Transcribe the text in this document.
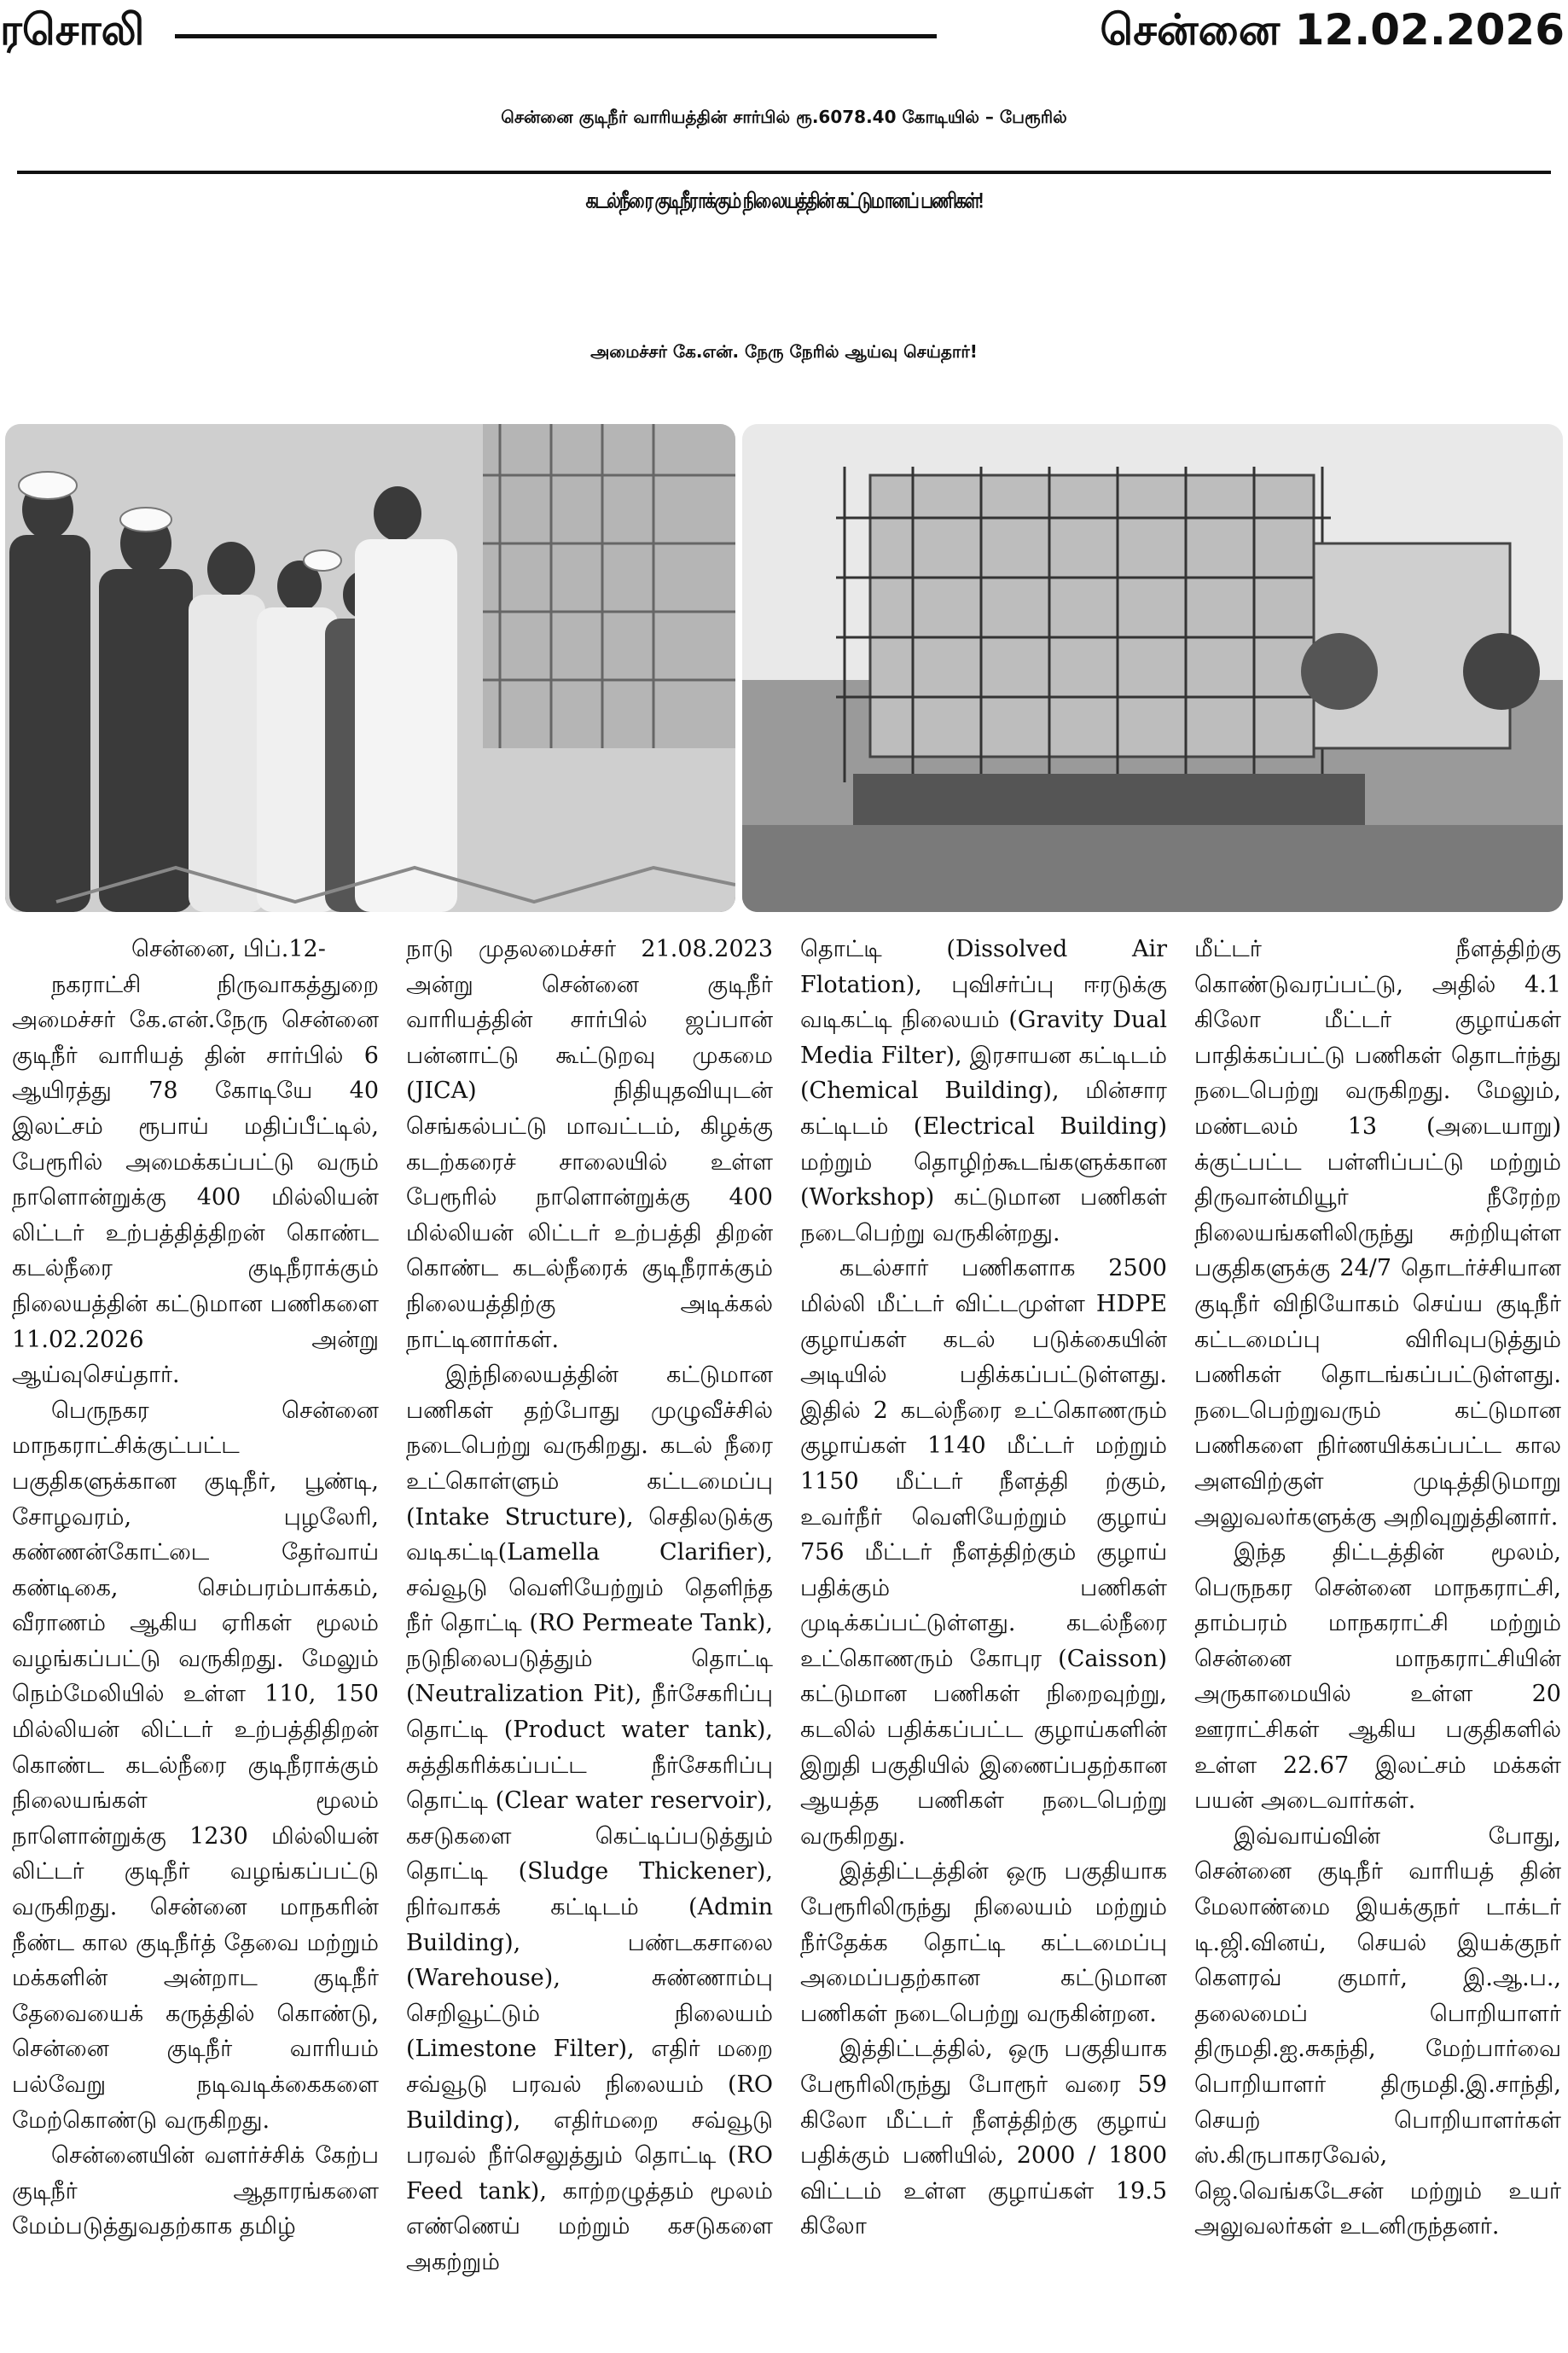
ரசொலி	சென்னை 12.02.2026
சென்னை குடிநீர் வாரியத்தின் சார்பில் ரூ.6078.40 கோடியில் – பேரூரில்
கடல்நீரை குடிநீராக்கும் நிலையத்தின் கட்டுமானப் பணிகள்!
அமைச்சர் கே.என். நேரு நேரில் ஆய்வு செய்தார்!

சென்னை, பிப்.12-

நகராட்சி நிருவாகத்துறை அமைச்சர் கே.என்.நேரு சென்னை குடிநீர் வாரியத் தின் சார்பில் 6 ஆயிரத்து 78 கோடியே 40 இலட்சம் ரூபாய் மதிப்பீட்டில், பேரூரில் அமைக்கப்பட்டு வரும் நாளொன்றுக்கு 400 மில்லியன் லிட்டர் உற்பத்தித்திறன் கொண்ட கடல்நீரை குடிநீராக்கும் நிலையத்தின் கட்டுமான பணிகளை 11.02.2026 அன்று ஆய்வுசெய்தார்.

பெருநகர சென்னை மாநகராட்சிக்குட்பட்ட பகுதிகளுக்கான குடிநீர், பூண்டி, சோழவரம், புழலேரி, கண்ணன்கோட்டை தேர்வாய் கண்டிகை, செம்பரம்பாக்கம், வீராணம் ஆகிய ஏரிகள் மூலம் வழங்கப்பட்டு வருகிறது. மேலும் நெம்மேலியில் உள்ள 110, 150 மில்லியன் லிட்டர் உற்பத்திதிறன் கொண்ட கடல்நீரை குடிநீராக்கும் நிலையங்கள் மூலம் நாளொன்றுக்கு 1230 மில்லியன் லிட்டர் குடிநீர் வழங்கப்பட்டு வருகிறது. சென்னை மாநகரின் நீண்ட கால குடிநீர்த் தேவை மற்றும் மக்களின் அன்றாட குடிநீர் தேவையைக் கருத்தில் கொண்டு, சென்னை குடிநீர் வாரியம் பல்வேறு நடிவடிக்கைகளை மேற்கொண்டு வருகிறது.

சென்னையின் வளர்ச்சிக் கேற்ப குடிநீர் ஆதாரங்களை மேம்படுத்துவதற்காக தமிழ்

நாடு முதலமைச்சர் 21.08.2023 அன்று சென்னை குடிநீர் வாரியத்தின் சார்பில் ஜப்பான் பன்னாட்டு கூட்டுறவு முகமை (JICA) நிதியுதவியுடன் செங்கல்பட்டு மாவட்டம், கிழக்கு கடற்கரைச் சாலையில் உள்ள பேரூரில் நாளொன்றுக்கு 400 மில்லியன் லிட்டர் உற்பத்தி திறன் கொண்ட கடல்நீரைக் குடிநீராக்கும் நிலையத்திற்கு அடிக்கல் நாட்டினார்கள்.

இந்நிலையத்தின் கட்டுமான பணிகள் தற்போது முழுவீச்சில் நடைபெற்று வருகிறது. கடல் நீரை உட்கொள்ளும் கட்டமைப்பு (Intake Structure), செதிலடுக்கு வடிகட்டி(Lamella Clarifier), சவ்வூடு வெளியேற்றும் தெளிந்த நீர் தொட்டி (RO Permeate Tank), நடுநிலைபடுத்தும் தொட்டி (Neutralization Pit), நீர்சேகரிப்பு தொட்டி (Product water tank), சுத்திகரிக்கப்பட்ட நீர்சேகரிப்பு தொட்டி (Clear water reservoir), கசடுகளை கெட்டிப்படுத்தும் தொட்டி (Sludge Thickener), நிர்வாகக் கட்டிடம் (Admin Building), பண்டகசாலை (Warehouse), சுண்ணாம்பு செறிவூட்டும் நிலையம் (Limestone Filter), எதிர் மறை சவ்வூடு பரவல் நிலையம் (RO Building), எதிர்மறை சவ்வூடு பரவல் நீர்செலுத்தும் தொட்டி (RO Feed tank), காற்றழுத்தம் மூலம் எண்ணெய் மற்றும் கசடுகளை அகற்றும்

தொட்டி (Dissolved Air Flotation), புவிசர்ப்பு ஈரடுக்கு வடிகட்டி நிலையம் (Gravity Dual Media Filter), இரசாயன கட்டிடம் (Chemical Building), மின்சார கட்டிடம் (Electrical Building) மற்றும் தொழிற்கூடங்களுக்கான (Workshop) கட்டுமான பணிகள் நடைபெற்று வருகின்றது.

கடல்சார் பணிகளாக 2500 மில்லி மீட்டர் விட்டமுள்ள HDPE குழாய்கள் கடல் படுக்கையின் அடியில் பதிக்கப்பட்டுள்ளது. இதில் 2 கடல்நீரை உட்கொணரும் குழாய்கள் 1140 மீட்டர் மற்றும் 1150 மீட்டர் நீளத்தி ற்கும், உவர்நீர் வெளியேற்றும் குழாய் 756 மீட்டர் நீளத்திற்கும் குழாய் பதிக்கும் பணிகள் முடிக்கப்பட்டுள்ளது. கடல்நீரை உட்கொணரும் கோபுர (Caisson) கட்டுமான பணிகள் நிறைவுற்று, கடலில் பதிக்கப்பட்ட குழாய்களின் இறுதி பகுதியில் இணைப்பதற்கான ஆயத்த பணிகள் நடைபெற்று வருகிறது.

இத்திட்டத்தின் ஒரு பகுதியாக பேரூரிலிருந்து நிலையம் மற்றும் நீர்தேக்க தொட்டி கட்டமைப்பு அமைப்பதற்கான கட்டுமான பணிகள் நடைபெற்று வருகின்றன.

இத்திட்டத்தில், ஒரு பகுதியாக பேரூரிலிருந்து போரூர் வரை 59 கிலோ மீட்டர் நீளத்திற்கு குழாய் பதிக்கும் பணியில், 2000 / 1800 விட்டம் உள்ள குழாய்கள் 19.5 கிலோ

மீட்டர் நீளத்திற்கு கொண்டுவரப்பட்டு, அதில் 4.1 கிலோ மீட்டர் குழாய்கள் பாதிக்கப்பட்டு பணிகள் தொடர்ந்து நடைபெற்று வருகிறது. மேலும், மண்டலம் 13 (அடையாறு) க்குட்பட்ட பள்ளிப்பட்டு மற்றும் திருவான்மியூர் நீரேற்ற நிலையங்களிலிருந்து சுற்றியுள்ள பகுதிகளுக்கு 24/7 தொடர்ச்சியான குடிநீர் விநியோகம் செய்ய குடிநீர் கட்டமைப்பு விரிவுபடுத்தும் பணிகள் தொடங்கப்பட்டுள்ளது. நடைபெற்றுவரும் கட்டுமான பணிகளை நிர்ணயிக்கப்பட்ட கால அளவிற்குள் முடித்திடுமாறு அலுவலர்களுக்கு அறிவுறுத்தினார்.

இந்த திட்டத்தின் மூலம், பெருநகர சென்னை மாநகராட்சி, தாம்பரம் மாநகராட்சி மற்றும் சென்னை மாநகராட்சியின் அருகாமையில் உள்ள 20 ஊராட்சிகள் ஆகிய பகுதிகளில் உள்ள 22.67 இலட்சம் மக்கள் பயன் அடைவார்கள்.

இவ்வாய்வின் போது, சென்னை குடிநீர் வாரியத் தின் மேலாண்மை இயக்குநர் டாக்டர் டி.ஜி.வினய், செயல் இயக்குநர் கௌரவ் குமார், இ.ஆ.ப., தலைமைப் பொறியாளர் திருமதி.ஐ.சுகந்தி, மேற்பார்வை பொறியாளர் திருமதி.இ.சாந்தி, செயற் பொறியாளர்கள் ஸ்.கிருபாகரவேல், ஜெ.வெங்கடேசன் மற்றும் உயர் அலுவலர்கள் உடனிருந்தனர்.
